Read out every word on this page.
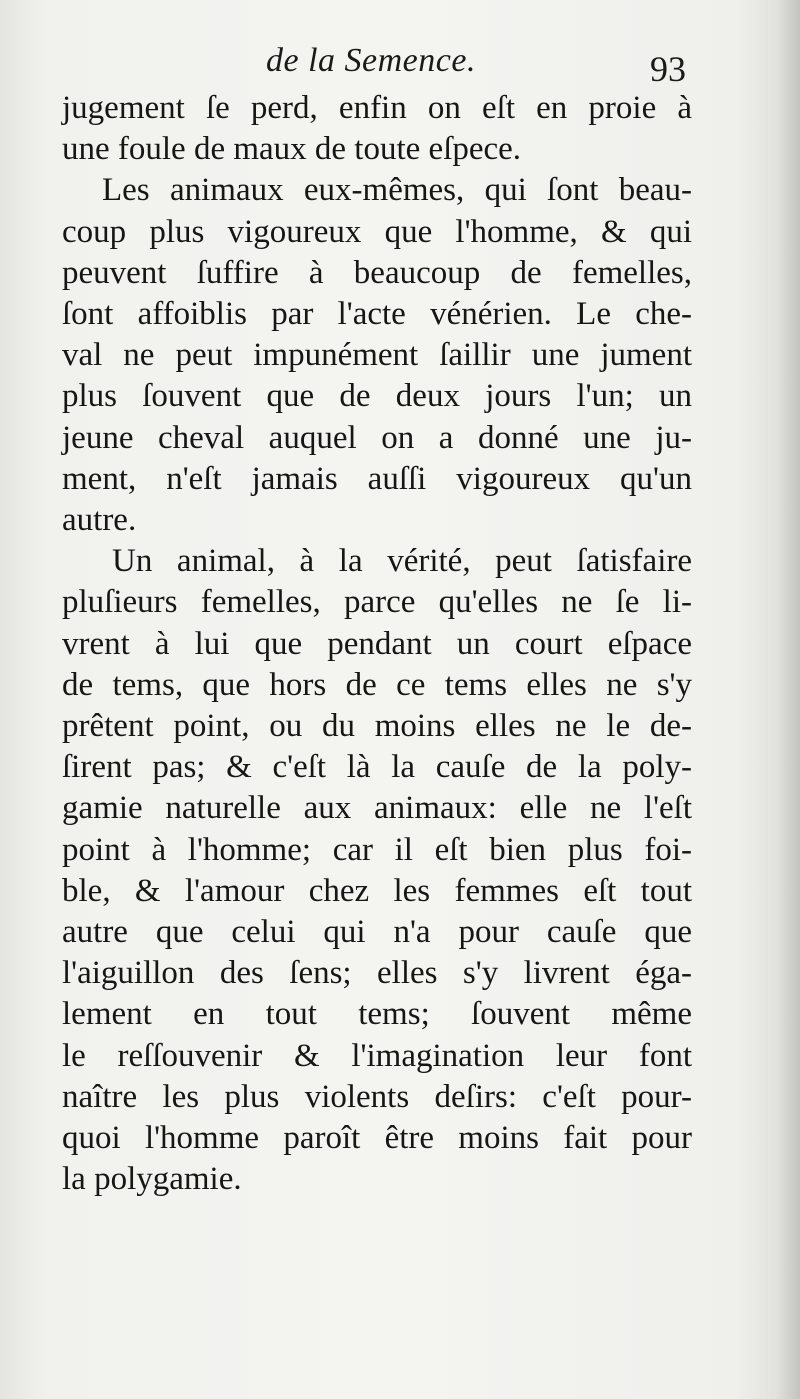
de la Semence.	93
jugement ſe perd, enfin on eſt en proie à
une foule de maux de toute eſpece.
Les animaux eux-mêmes, qui ſont beau-
coup plus vigoureux que l'homme, & qui
peuvent ſuffire à beaucoup de femelles,
ſont affoiblis par l'acte vénérien. Le che-
val ne peut impunément ſaillir une jument
plus ſouvent que de deux jours l'un; un
jeune cheval auquel on a donné une ju-
ment, n'eſt jamais auſſi vigoureux qu'un
autre.
Un animal, à la vérité, peut ſatisfaire
pluſieurs femelles, parce qu'elles ne ſe li-
vrent à lui que pendant un court eſpace
de tems, que hors de ce tems elles ne s'y
prêtent point, ou du moins elles ne le de-
ſirent pas; & c'eſt là la cauſe de la poly-
gamie naturelle aux animaux: elle ne l'eſt
point à l'homme; car il eſt bien plus foi-
ble, & l'amour chez les femmes eſt tout
autre que celui qui n'a pour cauſe que
l'aiguillon des ſens; elles s'y livrent éga-
lement en tout tems; ſouvent même
le reſſouvenir & l'imagination leur font
naître les plus violents deſirs: c'eſt pour-
quoi l'homme paroît être moins fait pour
la polygamie.
